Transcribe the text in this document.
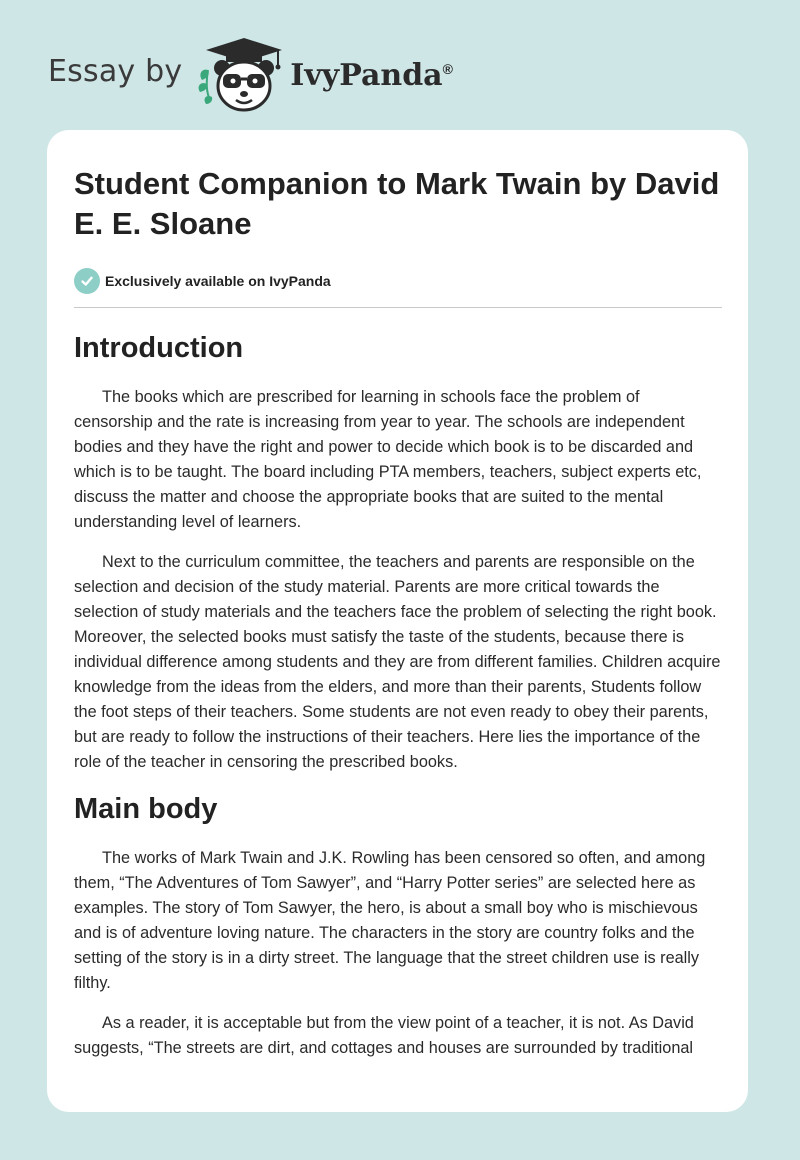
Essay by	IvyPanda®
Student Companion to Mark Twain by David E. E. Sloane
Exclusively available on IvyPanda
Introduction

The books which are prescribed for learning in schools face the problem of censorship and the rate is increasing from year to year. The schools are independent bodies and they have the right and power to decide which book is to be discarded and which is to be taught. The board including PTA members, teachers, subject experts etc, discuss the matter and choose the appropriate books that are suited to the mental understanding level of learners.

Next to the curriculum committee, the teachers and parents are responsible on the selection and decision of the study material. Parents are more critical towards the selection of study materials and the teachers face the problem of selecting the right book. Moreover, the selected books must satisfy the taste of the students, because there is individual difference among students and they are from different families. Children acquire knowledge from the ideas from the elders, and more than their parents, Students follow the foot steps of their teachers. Some students are not even ready to obey their parents, but are ready to follow the instructions of their teachers. Here lies the importance of the role of the teacher in censoring the prescribed books.

Main body

The works of Mark Twain and J.K. Rowling has been censored so often, and among them, “The Adventures of Tom Sawyer”, and “Harry Potter series” are selected here as examples. The story of Tom Sawyer, the hero, is about a small boy who is mischievous and is of adventure loving nature. The characters in the story are country folks and the setting of the story is in a dirty street. The language that the street children use is really filthy.

As a reader, it is acceptable but from the view point of a teacher, it is not. As David suggests, “The streets are dirt, and cottages and houses are surrounded by traditional
